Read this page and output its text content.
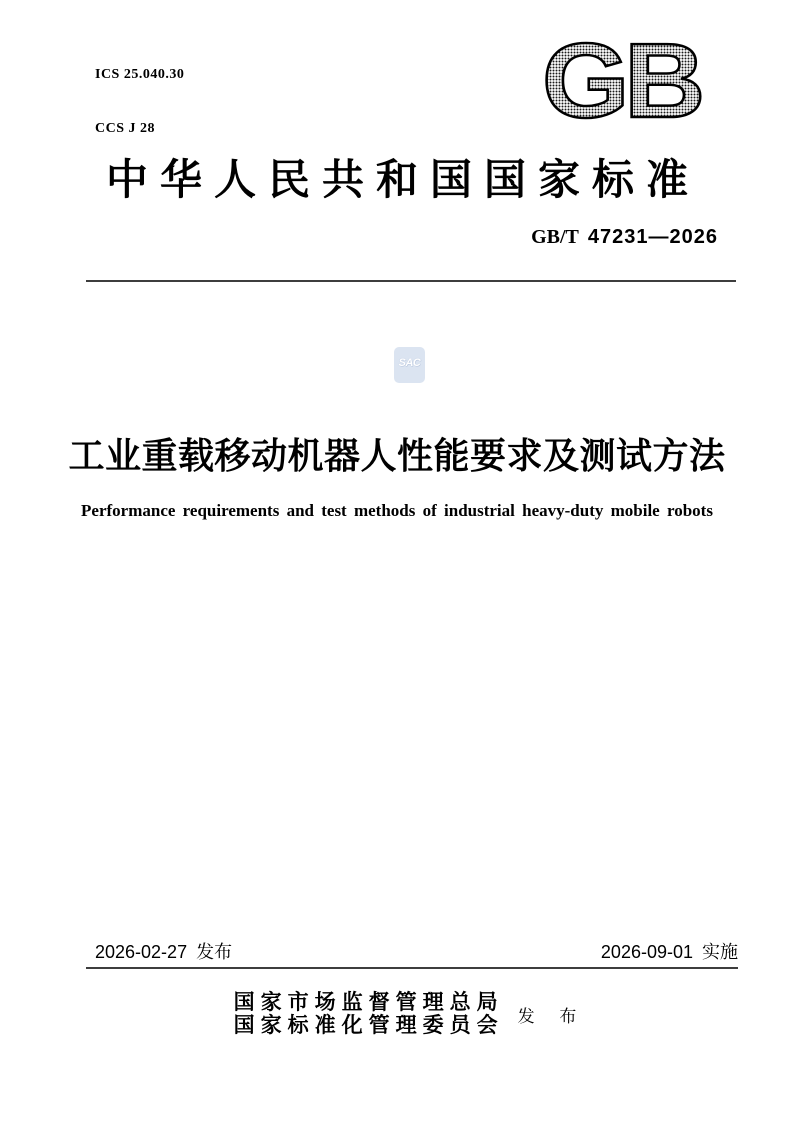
ICS 25.040.30

CCS J 28

	GB
中华人民共和国国家标准
GB/T 47231—2026
SAC
工业重载移动机器人性能要求及测试方法
Performance requirements and test methods of industrial heavy-duty mobile robots
2026-02-27 发布	2026-09-01 实施
国家市场监督管理总局
国家标准化管理委员会 发 布
